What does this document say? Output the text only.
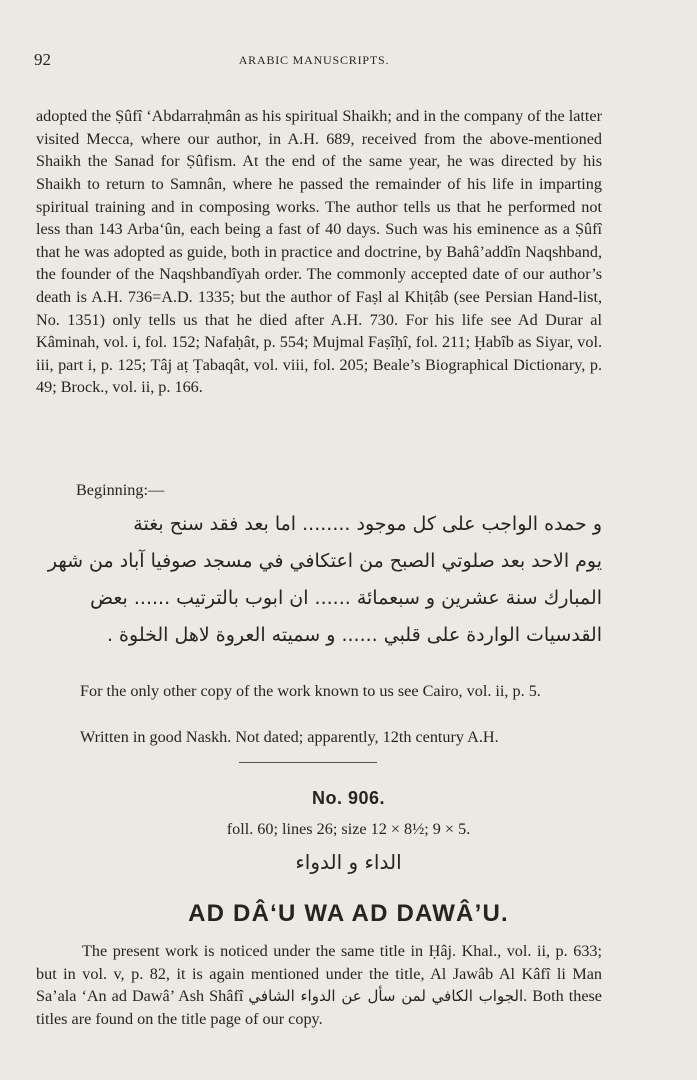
92	ARABIC MANUSCRIPTS.

adopted the Ṣûfî ‘Abdarraḥmân as his spiritual Shaikh; and in the company of the latter visited Mecca, where our author, in A.H. 689, received from the above-mentioned Shaikh the Sanad for Ṣûfism. At the end of the same year, he was directed by his Shaikh to return to Samnân, where he passed the remainder of his life in imparting spiritual training and in composing works. The author tells us that he performed not less than 143 Arba‘ûn, each being a fast of 40 days. Such was his eminence as a Ṣûfî that he was adopted as guide, both in practice and doctrine, by Bahâ’addîn Naqshband, the founder of the Naqshbandîyah order. The commonly accepted date of our author’s death is A.H. 736=A.D. 1335; but the author of Faṣl al Khiṭâb (see Persian Hand-list, No. 1351) only tells us that he died after A.H. 730. For his life see Ad Durar al Kâminah, vol. i, fol. 152; Nafaḥât, p. 554; Mujmal Faṣîḥî, fol. 211; Ḥabîb as Siyar, vol. iii, part i, p. 125; Tâj aṭ Ṭabaqât, vol. viii, fol. 205; Beale’s Biographical Dictionary, p. 49; Brock., vol. ii, p. 166.

Beginning:—
و حمده الواجب على كل موجود ........ اما بعد فقد سنح بغتة
يوم الاحد بعد صلوتي الصبح من اعتكافي في مسجد صوفيا آباد من شهر
المبارك سنة عشرين و سبعمائة ...... ان ابوب بالترتيب ...... بعض
القدسيات الواردة على قلبي ...... و سميته العروة لاهل الخلوة .

For the only other copy of the work known to us see Cairo, vol. ii, p. 5.

Written in good Naskh. Not dated; apparently, 12th century A.H.

No. 906.
foll. 60; lines 26; size 12 × 8½; 9 × 5.
الداء و الدواء
AD DÂ‘U WA AD DAWÂ’U.

The present work is noticed under the same title in Ḥâj. Khal., vol. ii, p. 633; but in vol. v, p. 82, it is again mentioned under the title, Al Jawâb Al Kâfî li Man Sa’ala ‘An ad Dawâ’ Ash Shâfî الجواب الكافي لمن سأل عن الدواء الشافي. Both these titles are found on the title page of our copy.
